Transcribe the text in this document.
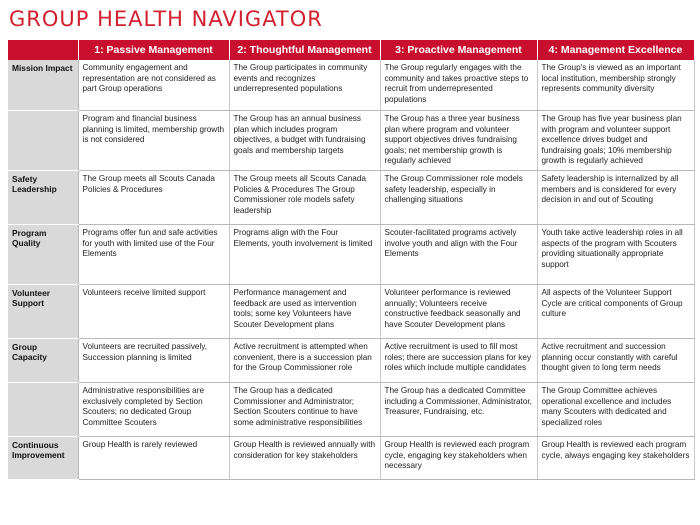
GROUP HEALTH NAVIGATOR
	1: Passive Management	2: Thoughtful Management	3: Proactive Management	4: Management Excellence
Mission Impact	Community engagement and representation are not considered as part Group operations	The Group participates in community events and recognizes underrepresented populations	The Group regularly engages with the community and takes proactive steps to recruit from underrepresented populations	The Group's is viewed as an important local institution, membership strongly represents community diversity
	Program and financial business planning is limited, membership growth is not considered	The Group has an annual business plan which includes program objectives, a budget with fundraising goals and membership targets	The Group has a three year business plan where program and volunteer support objectives drives fundraising goals; net membership growth is regularly achieved	The Group has five year business plan with program and volunteer support excellence drives budget and fundraising goals; 10% membership growth is regularly achieved
Safety Leadership	The Group meets all Scouts Canada Policies & Procedures	The Group meets all Scouts Canada Policies & Procedures The Group Commissioner role models safety leadership	The Group Commissioner role models safety leadership, especially in challenging situations	Safety leadership is internalized by all members and is considered for every decision in and out of Scouting
Program Quality	Programs offer fun and safe activities for youth with limited use of the Four Elements	Programs align with the Four Elements, youth involvement is limited	Scouter-facilitated programs actively involve youth and align with the Four Elements	Youth take active leadership roles in all aspects of the program with Scouters providing situationally appropriate support
Volunteer Support	Volunteers receive limited support	Performance management and feedback are used as intervention tools; some key Volunteers have Scouter Development plans	Volunteer performance is reviewed annually; Volunteers receive constructive feedback seasonally and have Scouter Development plans	All aspects of the Volunteer Support Cycle are critical components of Group culture
Group Capacity	Volunteers are recruited passively, Succession planning is limited	Active recruitment is attempted when convenient, there is a succession plan for the Group Commissioner role	Active recruitment is used to fill most roles; there are succession plans for key roles which include multiple candidates	Active recruitment and succession planning occur constantly with careful thought given to long term needs
	Administrative responsibilities are exclusively completed by Section Scouters; no dedicated Group Committee Scouters	The Group has a dedicated Commissioner and Administrator; Section Scouters continue to have some administrative responsibilities	The Group has a dedicated Committee including a Commissioner, Administrator, Treasurer, Fundraising, etc.	The Group Committee achieves operational excellence and includes many Scouters with dedicated and specialized roles
Continuous Improvement	Group Health is rarely reviewed	Group Health is reviewed annually with consideration for key stakeholders	Group Health is reviewed each program cycle, engaging key stakeholders when necessary	Group Health is reviewed each program cycle, always engaging key stakeholders
